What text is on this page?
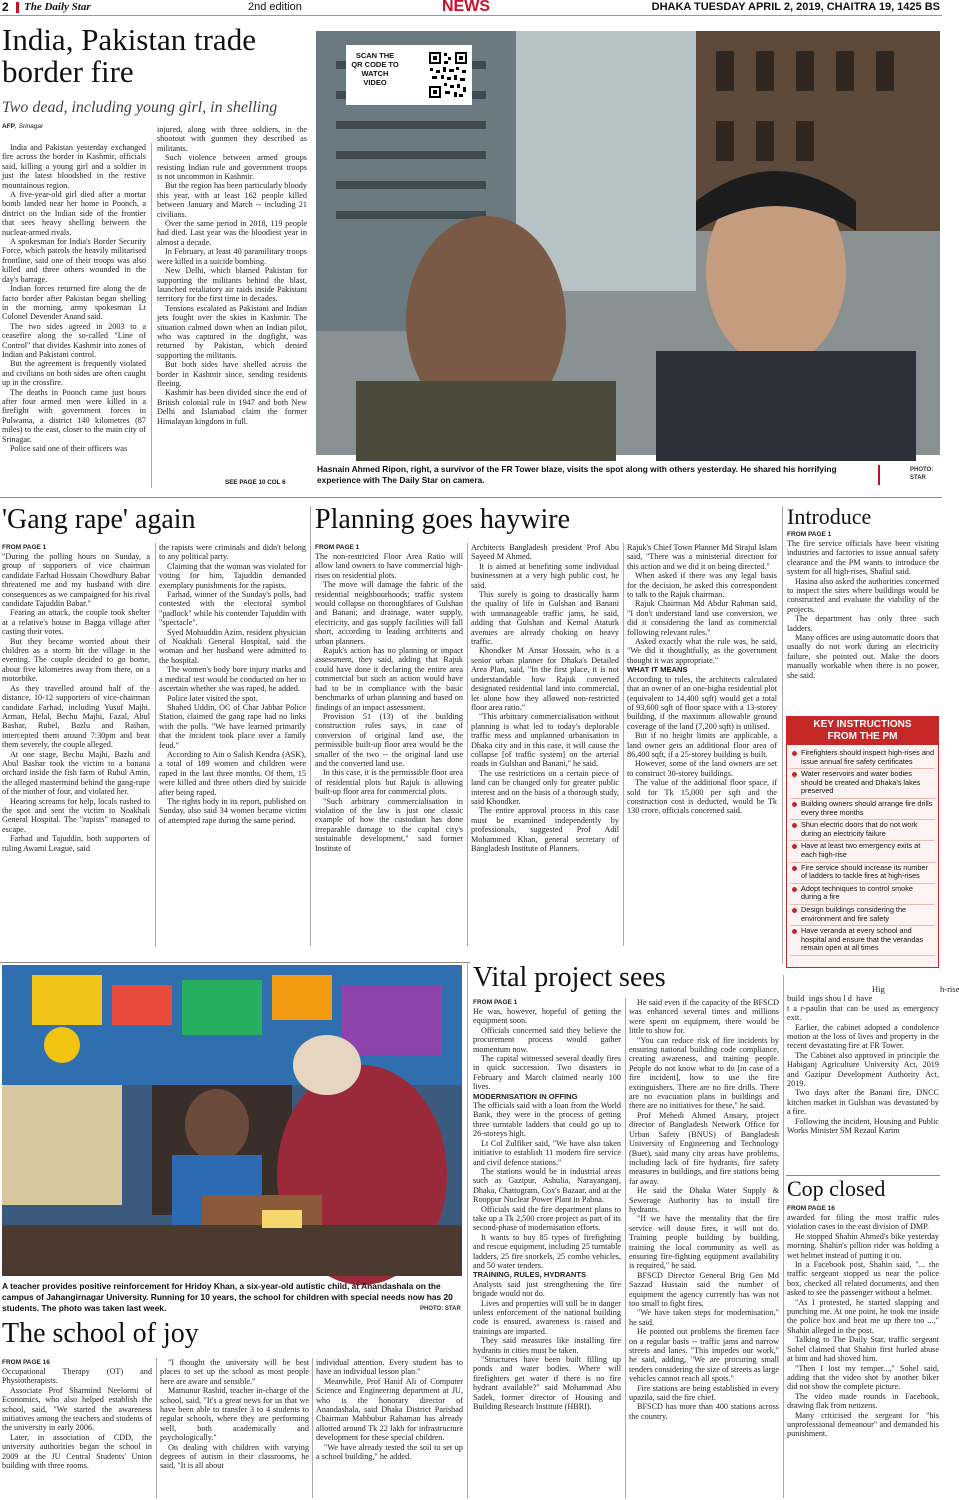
2 The Daily Star	2nd edition	NEWS	DHAKA TUESDAY APRIL 2, 2019, CHAITRA 19, 1425 BS
India, Pakistan trade border fire
Two dead, including young girl, in shelling
AFP, Srinagar

India and Pakistan yesterday exchanged fire across the border in Kashmir, officials said, killing a young girl and a soldier in just the latest bloodshed in the restive mountainous region.

A five-year-old girl died after a mortar bomb landed near her home in Poonch, a district on the Indian side of the frontier that sees heavy shelling between the nuclear-armed rivals.

A spokesman for India's Border Security Force, which patrols the heavily militarised frontline, said one of their troops was also killed and three others wounded in the day's barrage.

Indian forces returned fire along the de facto border after Pakistan began shelling in the morning, army spokesman Lt Colonel Devender Anand said.

The two sides agreed in 2003 to a ceasefire along the so-called "Line of Control" that divides Kashmir into zones of Indian and Pakistani control.

But the agreement is frequently violated and civilians on both sides are often caught up in the crossfire.

The deaths in Poonch came just hours after four armed men were killed in a firefight with government forces in Pulwama, a district 140 kilometres (87 miles) to the east, closer to the main city of Srinagar.

Police said one of their officers was

injured, along with three soldiers, in the shootout with gunmen they described as militants.

Such violence between armed groups resisting Indian rule and government troops is not uncommon in Kashmir.

But the region has been particularly bloody this year, with at least 162 people killed between January and March -- including 21 civilians.

Over the same period in 2018, 119 people had died. Last year was the bloodiest year in almost a decade.

In February, at least 40 paramilitary troops were killed in a suicide bombing.

New Delhi, which blamed Pakistan for supporting the militants behind the blast, launched retaliatory air raids inside Pakistani territory for the first time in decades.

Tensions escalated as Pakistani and Indian jets fought over the skies in Kashmir. The situation calmed down when an Indian pilot, who was captured in the dogfight, was returned by Pakistan, which denied supporting the militants.

But both sides have shelled across the border in Kashmir since, sending residents fleeing.

Kashmir has been divided since the end of British colonial rule in 1947 and both New Delhi and Islamabad claim the former Himalayan kingdom in full.

SEE PAGE 10 COL 6
SCAN THE QR CODE TO WATCH VIDEO
Hasnain Ahmed Ripon, right, a survivor of the FR Tower blaze, visits the spot along with others yesterday. He shared his horrifying experience with The Daily Star on camera.
PHOTO: STAR
'Gang rape' again
FROM PAGE 1

"During the polling hours on Sunday, a group of supporters of vice chairman candidate Farhad Hossain Chowdhury Babar threatened me and my husband with dire consequences as we campaigned for his rival candidate Tajuddin Babar."

Fearing an attack, the couple took shelter at a relative's house in Bagga village after casting their votes.

But they became worried about their children as a storm hit the village in the evening. The couple decided to go home, about five kilometres away from there, on a motorbike.

As they travelled around half of the distance, 10-12 supporters of vice-chairman candidate Farhad, including Yusuf Majhi, Arman, Helal, Bechu Majhi, Fazal, Abul Bashar, Rubel, Bazlu and Raihan, intercepted them around 7:30pm and beat them severely, the couple alleged.

At one stage, Bechu Majhi, Bazlu and Abul Bashar took the victim to a banana orchard inside the fish farm of Ruhul Amin, the alleged mastermind behind the gang-rape of the mother of four, and violated her.

Hearing screams for help, locals rushed to the spot and sent the victim to Noakhali General Hospital. The "rapists" managed to escape.

Farhad and Tajuddin, both supporters of ruling Awami League, said

the rapists were criminals and didn't belong to any political party.

Claiming that the woman was violated for voting for him, Tajuddin demanded exemplary punishments for the rapists.

Farhad, winner of the Sunday's polls, had contested with the electoral symbol "padlock" while his contender Tajuddin with "spectacle".

Syed Mohiuddin Azim, resident physician of Noakhali General Hospital, said the woman and her husband were admitted to the hospital.

The women's body bore injury marks and a medical test would be conducted on her to ascertain whether she was raped, he added.

Police later visited the spot.

Shahed Uddin, OC of Char Jabbar Police Station, claimed the gang rape had no links with the polls. "We have learned primarily that the incident took place over a family feud."

According to Ain o Salish Kendra (ASK), a total of 189 women and children were raped in the last three months. Of them, 15 were killed and three others died by suicide after being raped.

The rights body in its report, published on Sunday, also said 34 women became victim of attempted rape during the same period.

Planning goes haywire
FROM PAGE 1

The non-restricted Floor Area Ratio will allow land owners to have commercial high-rises on residential plots.

The move will damage the fabric of the residential neighbourhoods; traffic system would collapse on thoroughfares of Gulshan and Banani; and drainage, water supply, electricity, and gas supply facilities will fall short, according to leading architects and urban planners.

Rajuk's action has no planning or impact assessment, they said, adding that Rajuk could have done it declaring the entire area commercial but such an action would have had to be in compliance with the basic benchmarks of urban planning and based on findings of an impact assessment.

Provision 51 (13) of the building construction rules says, in case of conversion of original land use, the permissible built-up floor area would be the smaller of the two -- the original land use and the converted land use.

In this case, it is the permissible floor area of residential plots but Rajuk is allowing built-up floor area for commercial plots.

"Such arbitrary commercialisation in violation of the law is just one classic example of how the custodian has done irreparable damage to the capital city's sustainable development," said former Institute of

Architects Bangladesh president Prof Abu Sayeed M Ahmed.

It is aimed at benefiting some individual businessmen at a very high public cost, he said.

This surely is going to drastically harm the quality of life in Gulshan and Banani with unmanageable traffic jams, he said, adding that Gulshan and Kemal Ataturk avenues are already choking on heavy traffic.

Khondker M Ansar Hossain, who is a senior urban planner for Dhaka's Detailed Area Plan, said, "In the first place, it is not understandable how Rajuk converted designated residential land into commercial, let alone how they allowed non-restricted floor area ratio."

"This arbitrary commercialisation without planning is what led to today's deplorable traffic mess and unplanned urbanisation in Dhaka city and in this case, it will cause the collapse [of traffic system] on the arterial roads in Gulshan and Banani," he said.

The use restrictions on a certain piece of land can be changed only for greater public interest and on the basis of a thorough study, said Khondker.

The entire approval process in this case must be examined independently by professionals, suggested Prof Adil Mohammed Khan, general secretary of Bangladesh Institute of Planners.

Rajuk's Chief Town Planner Md Sirajul Islam said, "There was a ministerial direction for this action and we did it on being directed."

When asked if there was any legal basis for the decision, he asked this correspondent to talk to the Rajuk chairman.

Rajuk Chairman Md Abdur Rahman said, "I don't understand land use conversion, we did it considering the land as commercial following relevant rules."

Asked exactly what the rule was, he said, "We did it thoughtfully, as the government thought it was appropriate."

WHAT IT MEANS

According to rules, the architects calculated that an owner of an one-bigha residential plot (equivalent to 14,400 sqft) would get a total of 93,600 sqft of floor space with a 13-storey building, if the maximum allowable ground coverage of the land (7,200 sqft) is utilised.

But if no height limits are applicable, a land owner gets an additional floor area of 86,400 sqft, if a 25-storey building is built.

However, some of the land owners are set to construct 30-storey buildings.

The value of the additional floor space, if sold for Tk 15,000 per sqft and the construction cost is deducted, would be Tk 130 crore, officials concerned said.

Introduce
FROM PAGE 1

The fire service officials have been visiting industries and factories to issue annual safety clearance and the PM wants to introduce the system for all high-rises, Shafiul said.

Hasina also asked the authorities concerned to inspect the sites where buildings would be constructed and evaluate the viability of the projects.

The department has only three such ladders.

Many offices are using automatic doors that usually do not work during an electricity failure, she pointed out. Make the doors manually workable when there is no power, she said.

KEY INSTRUCTIONS FROM THE PM
Firefighters should inspect high-rises and issue annual fire safety certificates
Water reservoirs and water bodies should be created and Dhaka's lakes preserved
Building owners should arrange fire drills every three months
Shun electric doors that do not work during an electricity failure
Have at least two emergency exits at each high-rise
Fire service should increase its number of ladders to tackle fires at high-rises
Adopt techniques to control smoke during a fire
Design buildings considering the environment and fire safety
Have veranda at every school and hospital and ensure that the verandas remain open at all times
Hig                          h-rise
build  ings shou l d  have

t a r-paulin that can be used as emergency exit.

Earlier, the cabinet adopted a condolence motion at the loss of lives and property in the recent devastating fire at FR Tower.

The Cabinet also approved in principle the Habiganj Agriculture University Act, 2019 and Gazipur Development Authority Act, 2019.

Two days after the Banani fire, DNCC kitchen market in Gulshan was devastated by a fire.

Following the incident, Housing and Public Works Minister SM Rezaul Karim

A teacher provides positive reinforcement for Hridoy Khan, a six-year-old autistic child, at Anandashala on the campus of Jahangirnagar University. Running for 10 years, the school for children with special needs now has 20 students. The photo was taken last week.	PHOTO: STAR
The school of joy
FROM PAGE 16

Occupational Therapy (OT) and Physiotherapists.

Associate Prof Sharmind Neelormi of Economics, who also helped establish the school, said, "We started the awareness initiatives among the teachers and students of the university in early 2006.

Later, in association of CDD, the university authorities began the school in 2009 at the JU Central Students' Union building with three rooms.

"I thought the university will be best places to set up the school as most people here are aware and sensible."

Mamunur Rashid, teacher in-charge of the school, said, "It's a great news for us that we have been able to transfer 3 to 4 students to regular schools, where they are performing well, both academically and psychologically."

On dealing with children with varying degrees of autism in their classrooms, he said, "It is all about

individual attention. Every student has to have an individual lesson plan."

Meanwhile, Prof Hanif Ali of Computer Science and Engineering department at JU, who is the honorary director of Anandashala, said Dhaka District Parishad Chairman Mahbubur Rahaman has already allotted around Tk 22 lakh for infrastructure development for these special children.

"We have already tested the soil to set up a school building," he added.

Vital project sees
FROM PAGE 1

He was, however, hopeful of getting the equipment soon.

Officials concerned said they believe the procurement process would gather momentum now.

The capital witnessed several deadly fires in quick succession. Two disasters in February and March claimed nearly 100 lives.

MODERNISATION IN OFFING

The officials said with a loan from the World Bank, they were in the process of getting three turntable ladders that could go up to 26-storeys high.

Lt Col Zulfiker said, "We have also taken initiative to establish 11 modern fire service and civil defence stations."

The stations would be in industrial areas such as Gazipur, Ashulia, Narayanganj, Dhaka, Chattogram, Cox's Bazaar, and at the Rooppur Nuclear Power Plant in Pabna.

Officials said the fire department plans to take up a Tk 2,500 crore project as part of its second-phase of modernisation efforts.

It wants to buy 85 types of firefighting and rescue equipment, including 25 turntable ladders, 25 fire snorkels, 25 combo vehicles, and 50 water tenders.

TRAINING, RULES, HYDRANTS

Analysts said just strengthening the fire brigade would not do.

Lives and properties will still be in danger unless enforcement of the national building code is ensured, awareness is raised and trainings are imparted.

They said measures like installing fire hydrants in cities must be taken.

"Structures have been built filling up ponds and water bodies. Where will firefighters get water if there is no fire hydrant available?" said Mohammad Abu Sadek, former director of Housing and Building Research Institute (HBRI).

He said even if the capacity of the BFSCD was enhanced several times and millions were spent on equipment, there would be little to show for.

"You can reduce risk of fire incidents by ensuring national building code compliance, creating awareness, and training people. People do not know what to do [in case of a fire incident], how to use the fire extinguishers. There are no fire drills. There are no evacuation plans in buildings and there are no initiatives for these," he said.

Prof Mehedi Ahmed Ansary, project director of Bangladesh Network Office for Urban Safety (BNUS) of Bangladesh University of Engineering and Technology (Buet), said many city areas have problems, including lack of fire hydrants, fire safety measures in buildings, and fire stations being far away.

He said the Dhaka Water Supply & Sewerage Authority has to install fire hydrants.

"If we have the mentality that the fire service will douse fires, it will not do. Training people building by building, training the local community as well as ensuring fire-fighting equipment availability is required," he said.

BFSCD Director General Brig Gen Md Sazzad Hussain said the number of equipment the agency currently has was not too small to fight fires.

"We have taken steps for modernisation," he said.

He pointed out problems the firemen face on a regular basis -- traffic jams and narrow streets and lanes. "This impedes our work," he said, adding, "We are procuring small tenders considering the size of streets as large vehicles cannot reach all spots."

Fire stations are being established in every upazila, said the fire chief.

BFSCD has more than 400 stations across the country.

Cop closed
FROM PAGE 16

awarded for filing the most traffic rules violation cases in the east division of DMP.

He stopped Shahin Ahmed's bike yesterday morning. Shahin's pillion rider was holding a wet helmet instead of putting it on.

In a Facebook post, Shahin said, "... the traffic sergeant stopped us near the police box, checked all related documents, and then asked to see the passenger without a helmet.

"As I protested, he started slapping and punching me. At one point, he took me inside the police box and beat me up there too ...," Shahin alleged in the post.

Talking to The Daily Star, traffic sergeant Sohel claimed that Shahin first hurled abuse at him and had shoved him.

"Then I lost my temper...," Sohel said, adding that the video shot by another biker did not show the complete picture.

The video made rounds in Facebook, drawing flak from netizens.

Many criticised the sergeant for "his unprofessional demeanour" and demanded his punishment.
